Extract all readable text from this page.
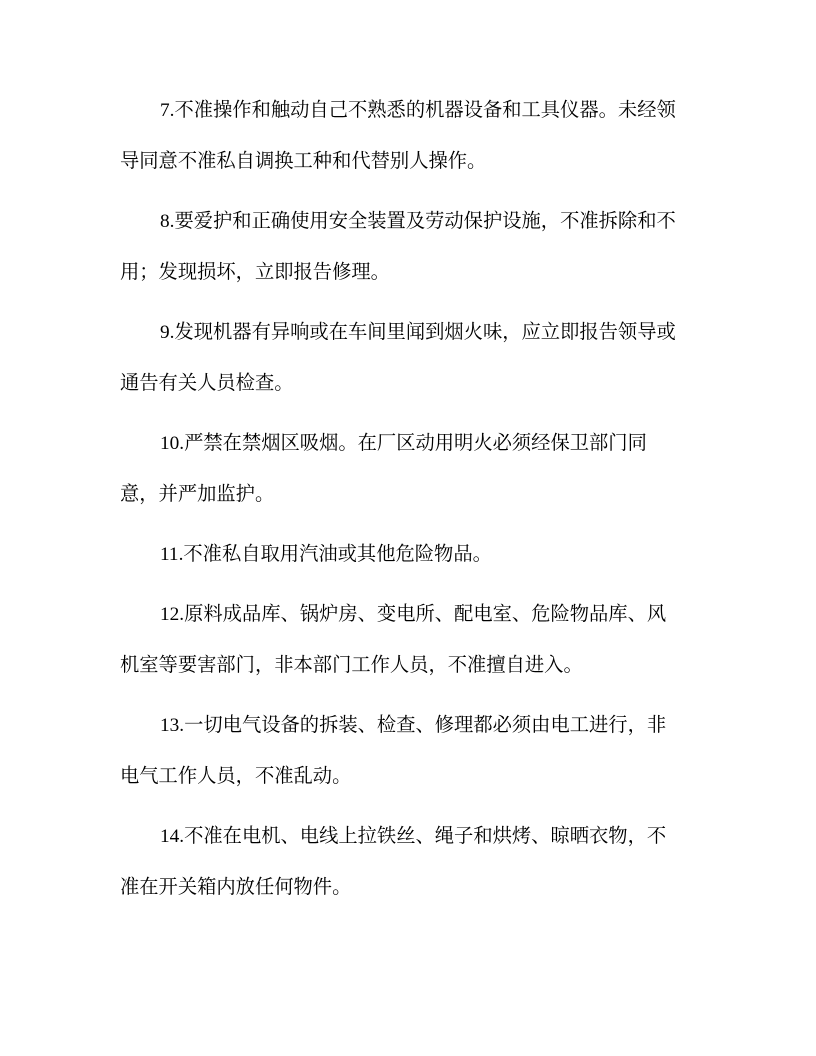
7.不准操作和触动自己不熟悉的机器设备和工具仪器。未经领
导同意不准私自调换工种和代替别人操作。
8.要爱护和正确使用安全装置及劳动保护设施，不准拆除和不
用；发现损坏，立即报告修理。
9.发现机器有异响或在车间里闻到烟火味，应立即报告领导或
通告有关人员检查。
10.严禁在禁烟区吸烟。在厂区动用明火必须经保卫部门同
意，并严加监护。
11.不准私自取用汽油或其他危险物品。
12.原料成品库、锅炉房、变电所、配电室、危险物品库、风
机室等要害部门，非本部门工作人员，不准擅自进入。
13.一切电气设备的拆装、检查、修理都必须由电工进行，非
电气工作人员，不准乱动。
14.不准在电机、电线上拉铁丝、绳子和烘烤、晾晒衣物，不
准在开关箱内放任何物件。
